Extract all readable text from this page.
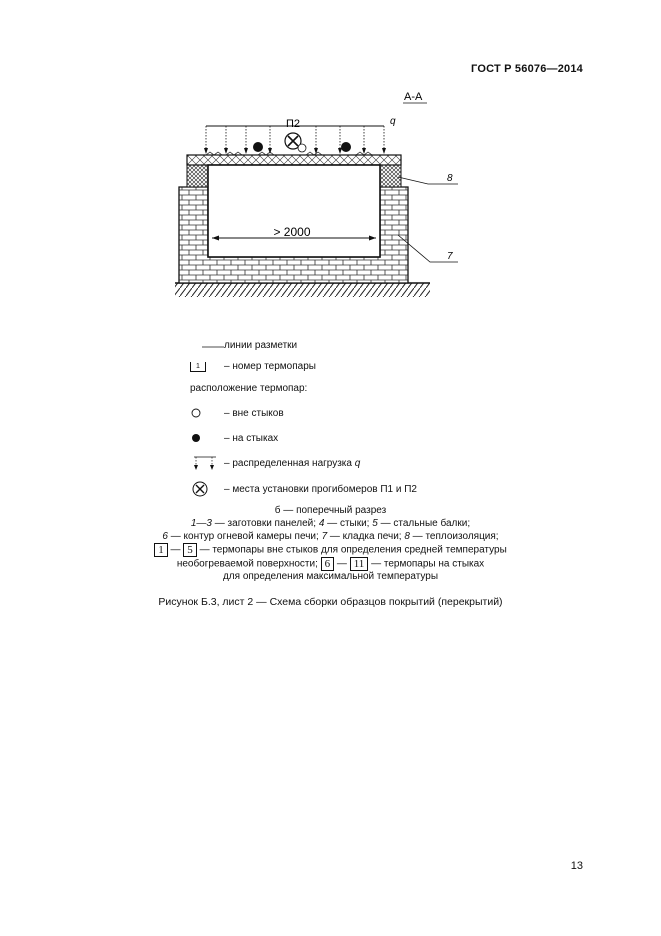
ГОСТ Р 56076—2014
> 2000
q
П2
А-А
8
7
линии разметки
1	– номер термопары
расположение термопар:
– вне стыков
– на стыках
– распределенная нагрузка q
– места установки прогибомеров П1 и П2
б — поперечный разрез
1—3 — заготовки панелей; 4 — стыки; 5 — стальные балки;
6 — контур огневой камеры печи; 7 — кладка печи; 8 — теплоизоляция;
1 — 5 — термопары вне стыков для определения средней температуры
необогреваемой поверхности; 6 — 11 — термопары на стыках
для определения максимальной температуры
Рисунок Б.3, лист 2 — Схема сборки образцов покрытий (перекрытий)
13
